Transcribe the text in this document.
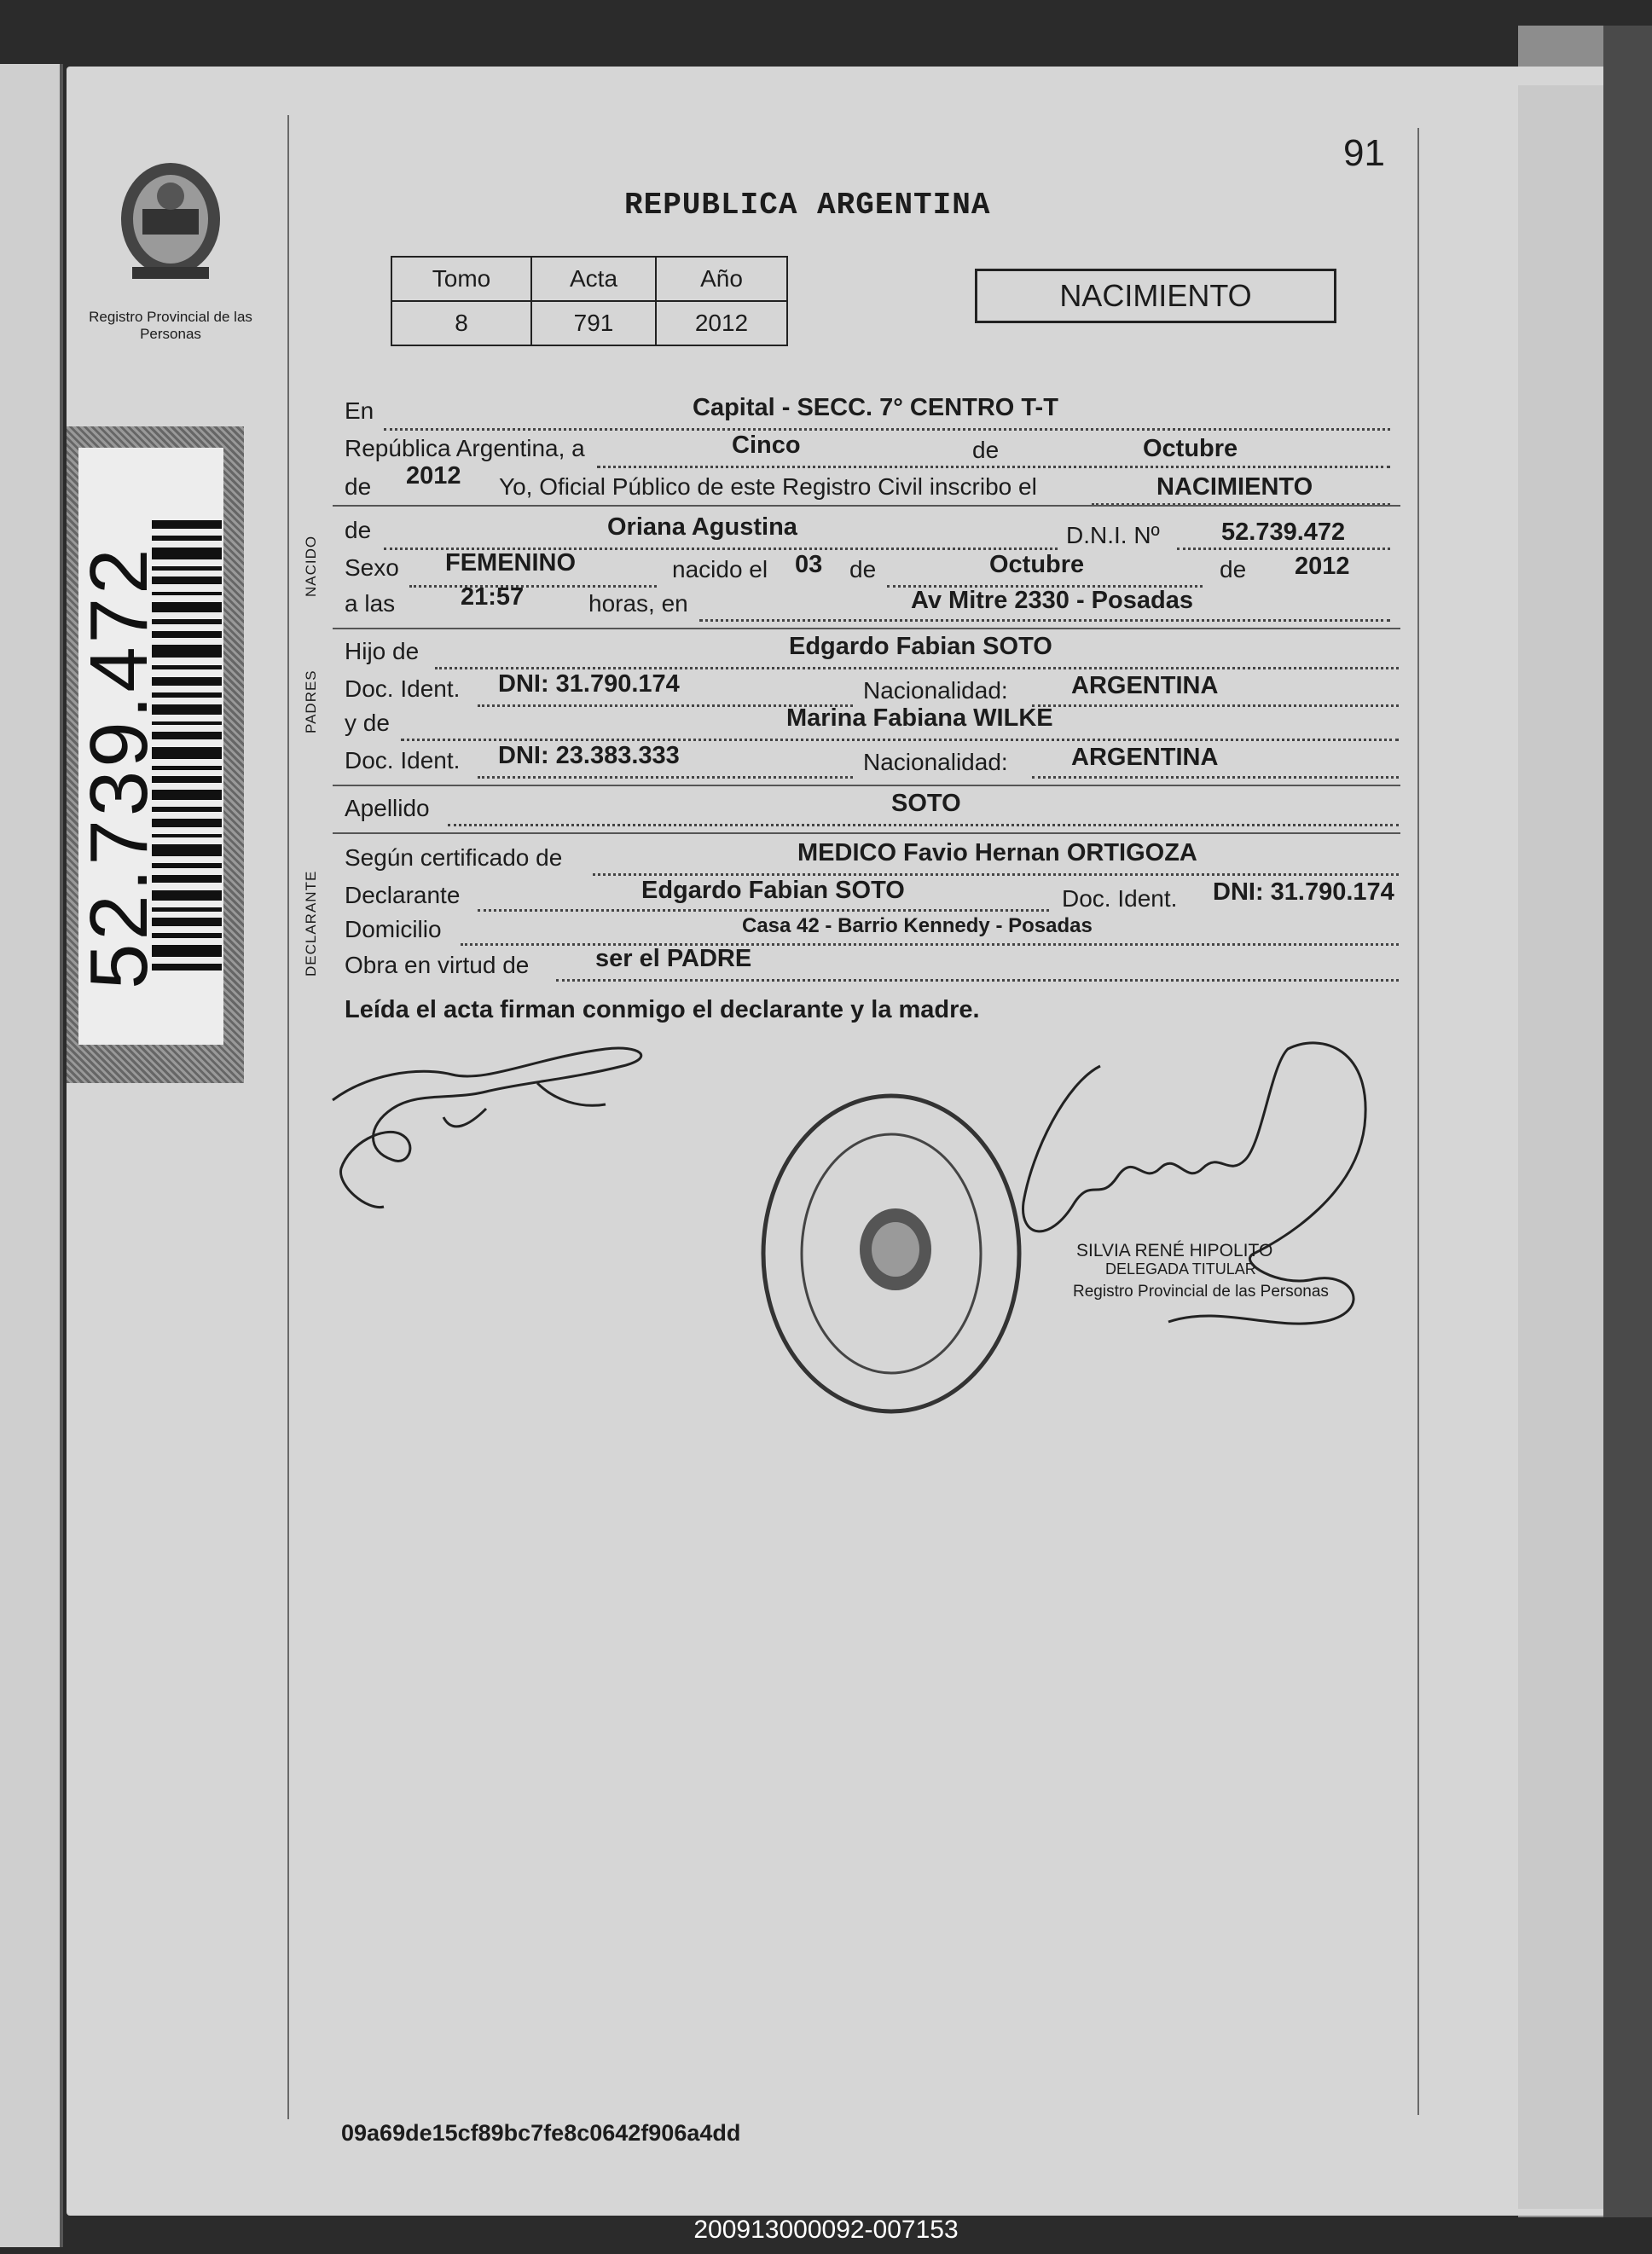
Registro Provincial de las Personas
91
REPUBLICA ARGENTINA
Tomo	Acta	Año
8	791	2012
NACIMIENTO
52.739.472	NACIDO
PADRES
DECLARANTE
En	Capital - SECC. 7° CENTRO T-T
República Argentina, a	Cinco	de	Octubre
de 2012 Yo, Oficial Público de este Registro Civil inscribo el	NACIMIENTO
de	Oriana Agustina	D.N.I. Nº 52.739.472
Sexo FEMENINO	nacido el 03 de	Octubre	de 2012
a las	21:57	horas, en	Av Mitre 2330 - Posadas
Hijo de	Edgardo Fabian SOTO
Doc. Ident. DNI: 31.790.174	Nacionalidad:	ARGENTINA
y de	Marina Fabiana WILKE
Doc. Ident. DNI: 23.383.333	Nacionalidad:	ARGENTINA
Apellido	SOTO
Según certificado de	MEDICO Favio Hernan ORTIGOZA
Declarante	Edgardo Fabian SOTO	Doc. Ident. DNI: 31.790.174
Domicilio	Casa 42 - Barrio Kennedy - Posadas
Obra en virtud de	ser el PADRE
Leída el acta firman conmigo el declarante y la madre.
SILVIA RENÉ HIPOLITO
DELEGADA TITULAR
Registro Provincial de las Personas
09a69de15cf89bc7fe8c0642f906a4dd
200913000092-007153
